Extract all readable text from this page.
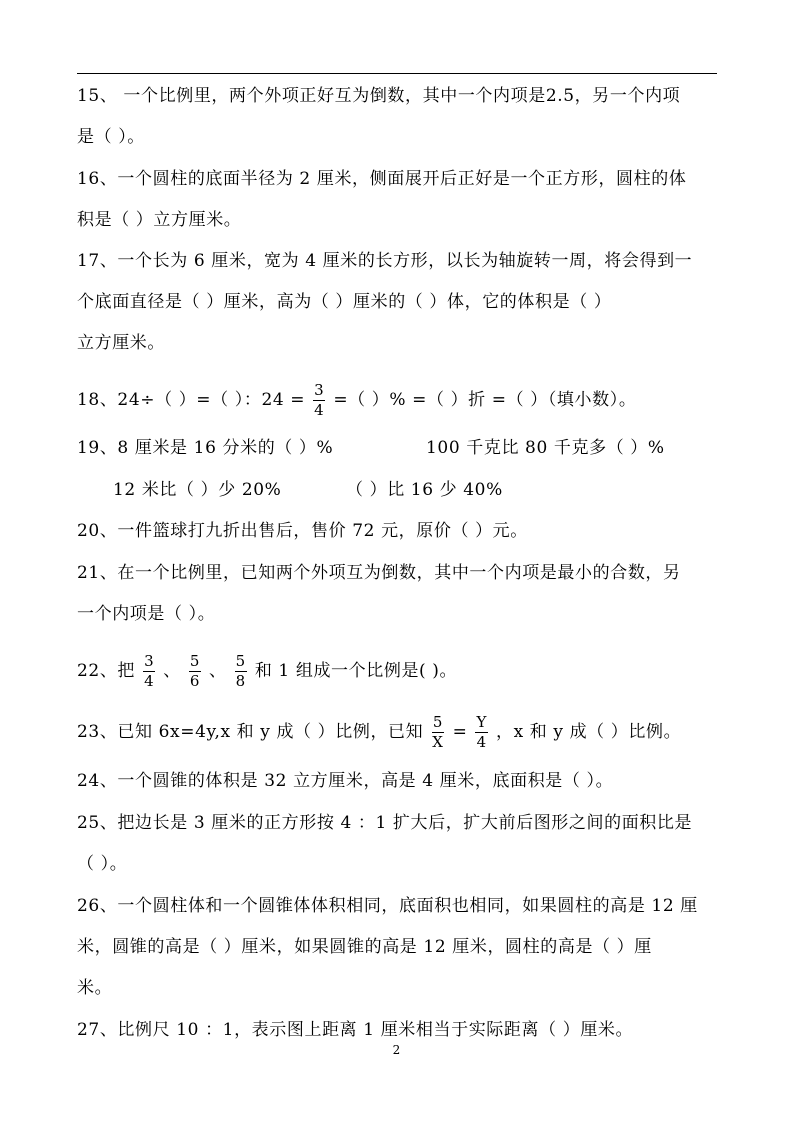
15、 一个比例里，两个外项正好互为倒数，其中一个内项是2.5，另一个内项
是（ ）。
16、一个圆柱的底面半径为 2 厘米，侧面展开后正好是一个正方形，圆柱的体
积是（ ）立方厘米。
17、一个长为 6 厘米，宽为 4 厘米的长方形，以长为轴旋转一周，将会得到一
个底面直径是（ ）厘米，高为（ ）厘米的（ ）体，它的体积是（ ）
立方厘米。
18、24÷（ ）=（ ）：$24 = \frac{3}{4}$ =（ ）% =（ ）折 =（ ）（填小数）。
19、8 厘米是 16 分米的（ ）%	100 千克比 80 千克多（ ）%
12 米比（ ）少 20%	（ ）比 16 少 40%
20、一件篮球打九折出售后，售价 72 元，原价（ ）元。
21、在一个比例里，已知两个外项互为倒数，其中一个内项是最小的合数，另
一个内项是（ ）。
22、把 $\frac{3}{4}$ 、 $\frac{5}{6}$ 、 $\frac{5}{8}$ 和 1 组成一个比例是( )。
23、已知 6x=4y,x 和 y 成（ ）比例，已知 $\frac{5}{X} = \frac{Y}{4}$ ，x 和 y 成（ ）比例。
24、一个圆锥的体积是 32 立方厘米，高是 4 厘米，底面积是（ ）。
25、把边长是 3 厘米的正方形按 4 ：1 扩大后，扩大前后图形之间的面积比是
（ ）。
26、一个圆柱体和一个圆锥体体积相同，底面积也相同，如果圆柱的高是 12 厘
米，圆锥的高是（ ）厘米，如果圆锥的高是 12 厘米，圆柱的高是（ ）厘
米。
27、比例尺 10 ：1，表示图上距离 1 厘米相当于实际距离（ ）厘米。
2
